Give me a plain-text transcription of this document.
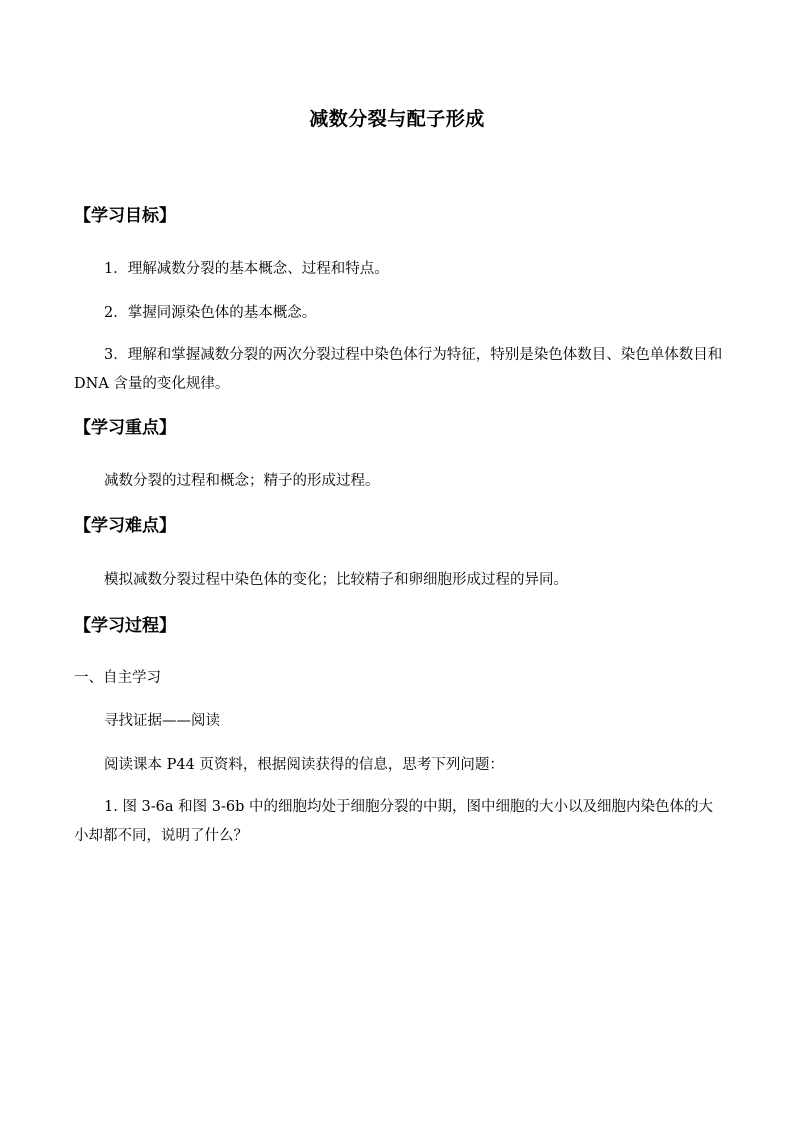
减数分裂与配子形成
【学习目标】
1．理解减数分裂的基本概念、过程和特点。
2．掌握同源染色体的基本概念。
3．理解和掌握减数分裂的两次分裂过程中染色体行为特征，特别是染色体数目、染色单体数目和 DNA 含量的变化规律。
【学习重点】
减数分裂的过程和概念；精子的形成过程。
【学习难点】
模拟减数分裂过程中染色体的变化；比较精子和卵细胞形成过程的异同。
【学习过程】
一、自主学习
寻找证据——阅读
阅读课本 P44 页资料，根据阅读获得的信息，思考下列问题：
1. 图 3-6a 和图 3-6b 中的细胞均处于细胞分裂的中期，图中细胞的大小以及细胞内染色体的大小却都不同，说明了什么？
